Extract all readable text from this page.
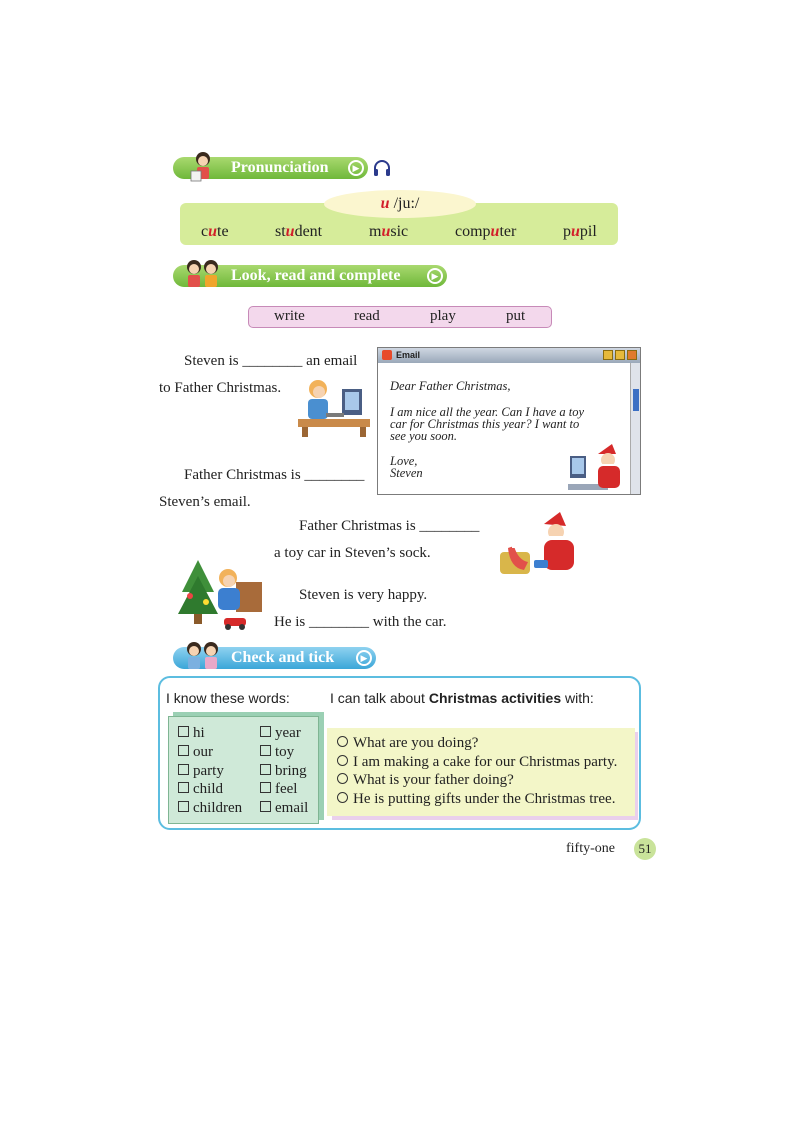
Pronunciation	▶
u /ju:/
cute	student	music	computer	pupil
Look, read and complete	▶
write	read	play	put
Steven is ________ an email
to Father Christmas.
Father Christmas is ________
Steven’s email.
Father Christmas is ________
a toy car in Steven’s sock.
Steven is very happy.
He is ________ with the car.
Email
Dear Father Christmas,
I am nice all the year. Can I have a toy
car for Christmas this year? I want to
see you soon.
Love,
Steven
Check and tick	▶
I know these words:	I can talk about Christmas activities with:
hi
our
party
child
children
year
toy
bring
feel
email
What are you doing?
I am making a cake for our Christmas party.
What is your father doing?
He is putting gifts under the Christmas tree.
fifty-one	51
